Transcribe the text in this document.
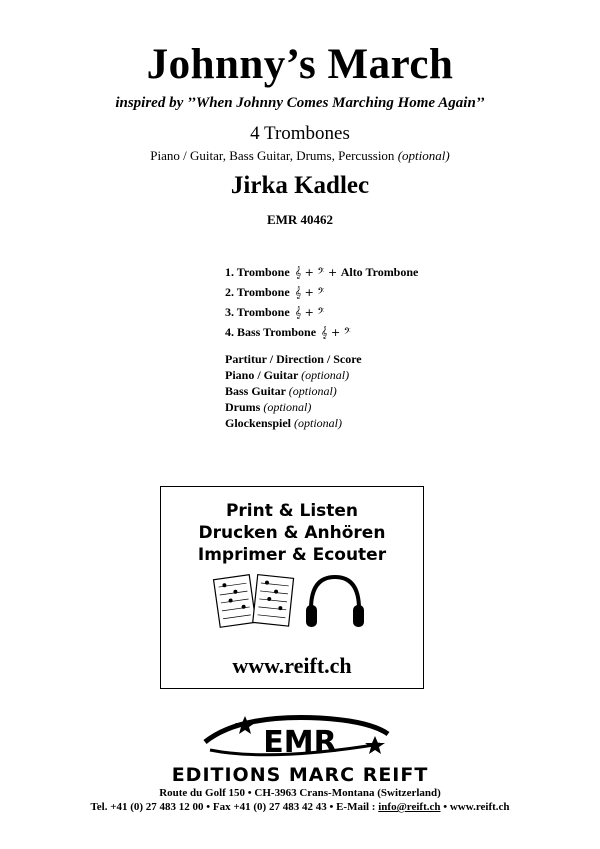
Johnny’s March
inspired by ’’When Johnny Comes Marching Home Again’’
4 Trombones
Piano / Guitar, Bass Guitar, Drums, Percussion (optional)
Jirka Kadlec
EMR 40462
1. Trombone 𝄞 + 𝄢 + Alto Trombone
2. Trombone 𝄞 + 𝄢
3. Trombone 𝄞 + 𝄢
4. Bass Trombone 𝄞 + 𝄢
Partitur / Direction / Score
Piano / Guitar (optional)
Bass Guitar (optional)
Drums (optional)
Glockenspiel (optional)
Print & Listen
Drucken & Anhören
Imprimer & Ecouter
www.reift.ch
EMR
EDITIONS MARC REIFT
Route du Golf 150 • CH-3963 Crans-Montana (Switzerland)
Tel. +41 (0) 27 483 12 00 • Fax +41 (0) 27 483 42 43 • E-Mail : info@reift.ch • www.reift.ch
